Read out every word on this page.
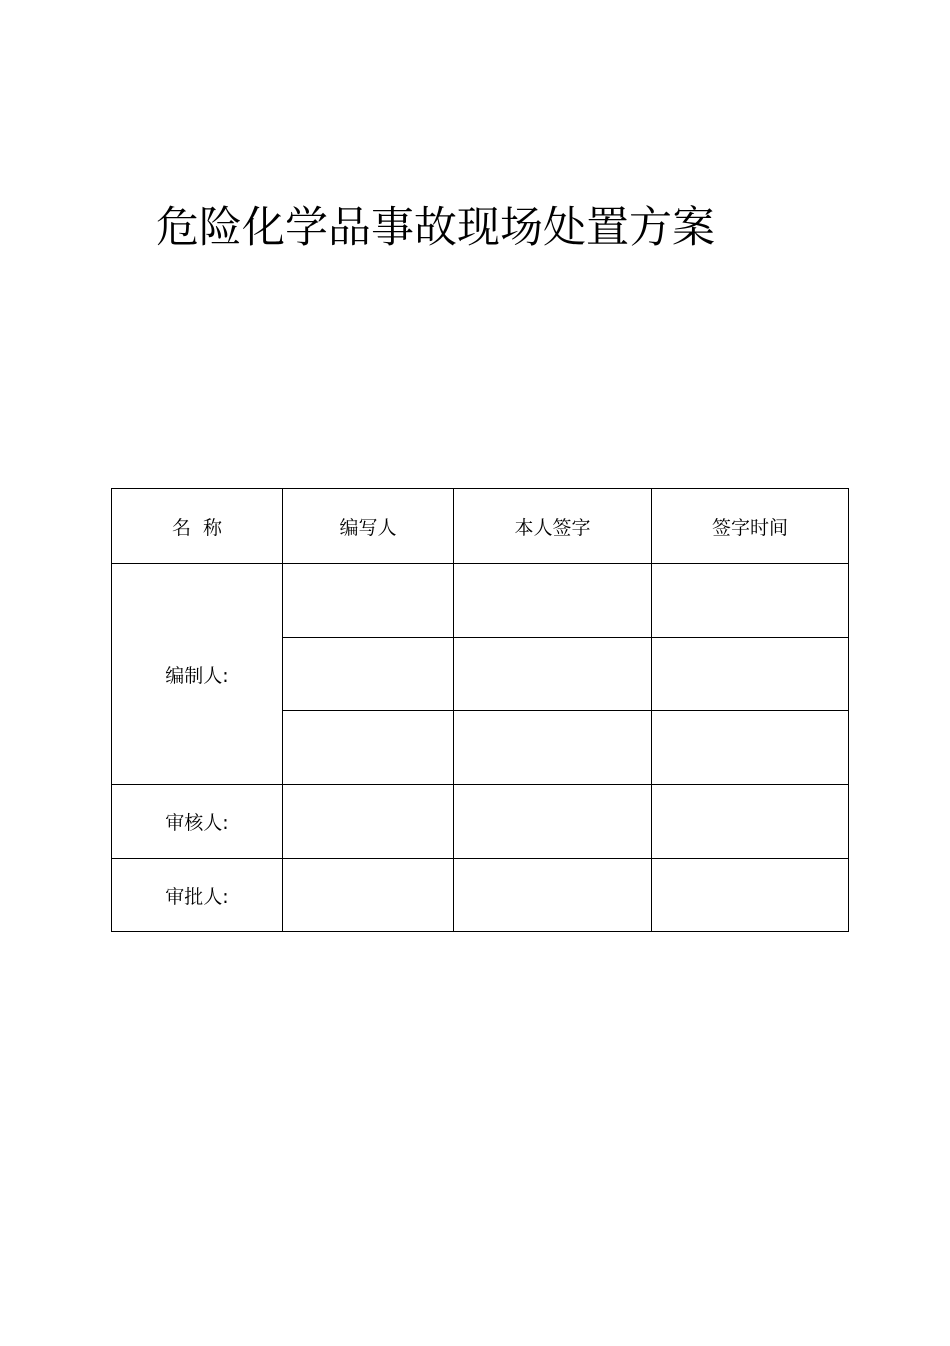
危险化学品事故现场处置方案
名  称	编写人	本人签字	签字时间
编制人:			

审核人:			
审批人:			
